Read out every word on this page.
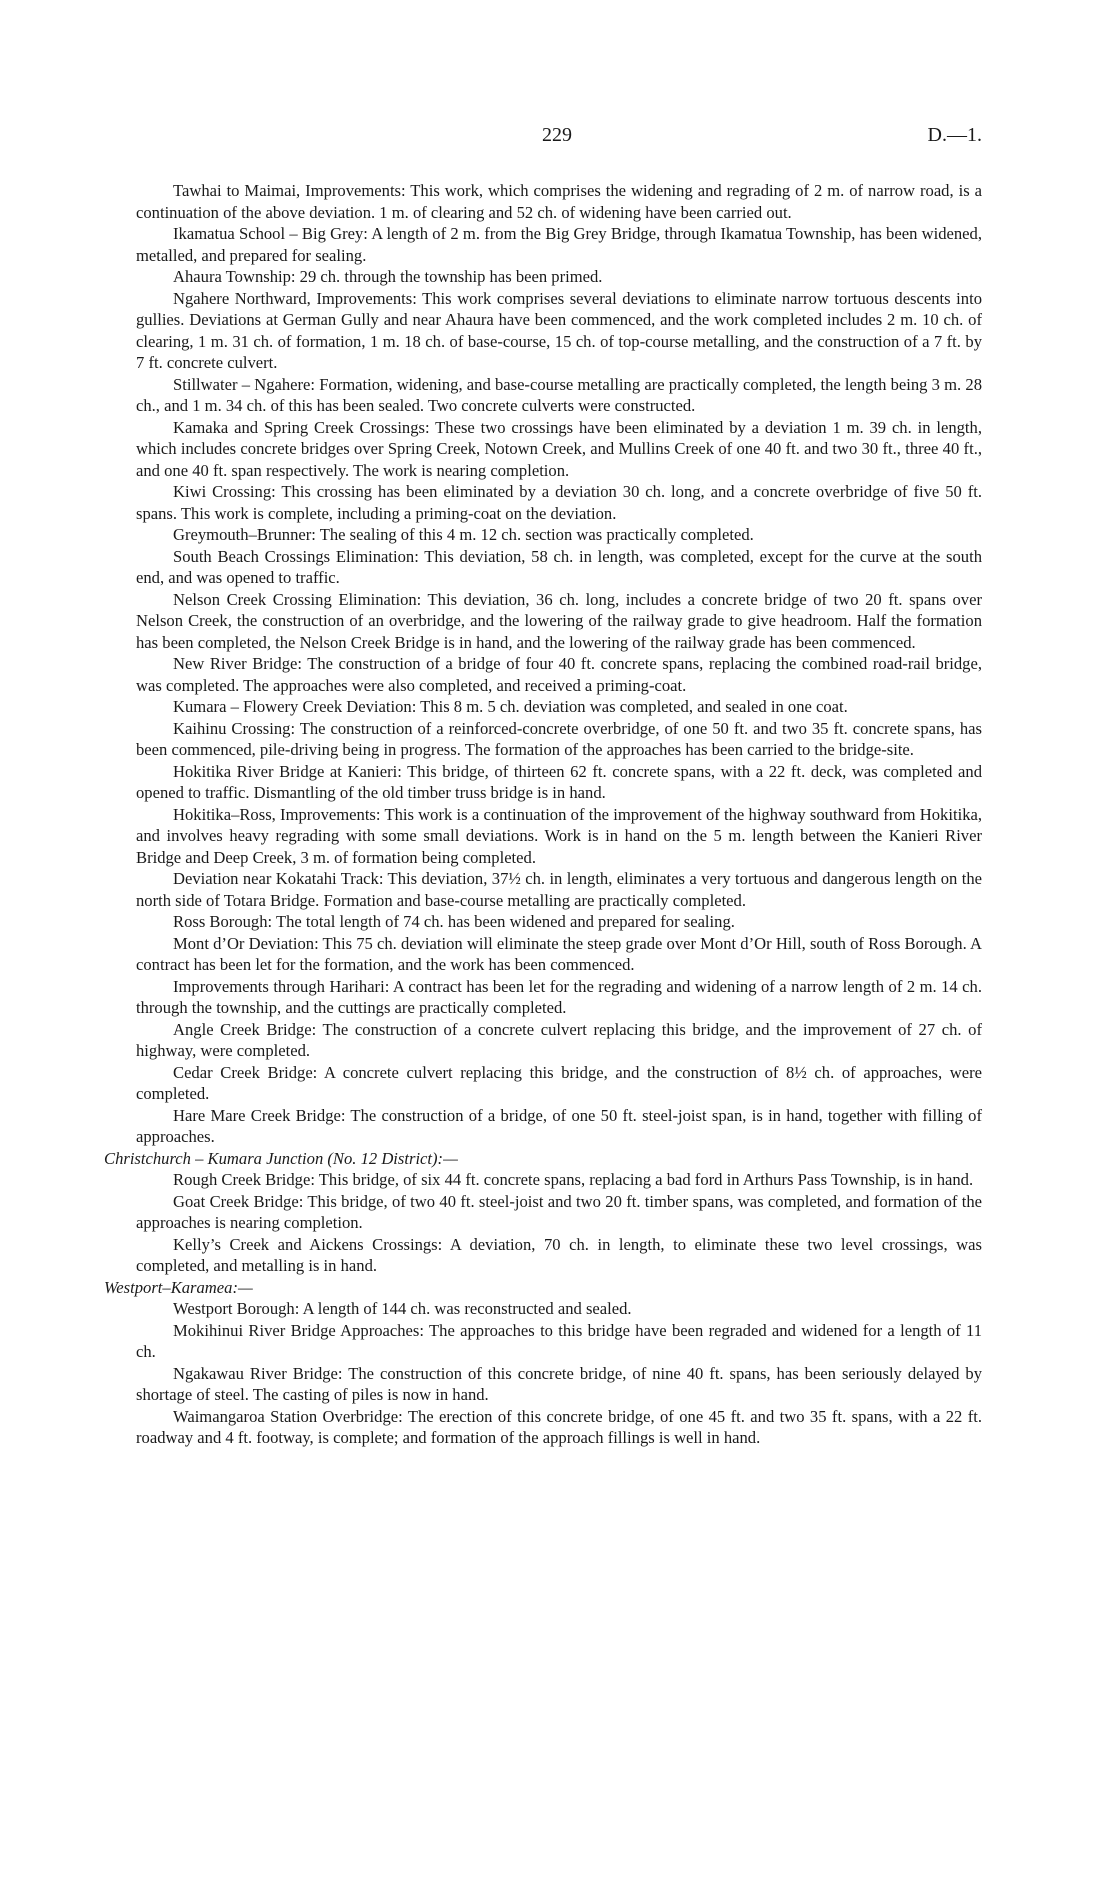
229	D.—1.

Tawhai to Maimai, Improvements: This work, which comprises the widening and regrading of 2 m. of narrow road, is a continuation of the above deviation. 1 m. of clearing and 52 ch. of widening have been carried out.

Ikamatua School – Big Grey: A length of 2 m. from the Big Grey Bridge, through Ikamatua Township, has been widened, metalled, and prepared for sealing.

Ahaura Township: 29 ch. through the township has been primed.

Ngahere Northward, Improvements: This work comprises several deviations to eliminate narrow tortuous descents into gullies. Deviations at German Gully and near Ahaura have been commenced, and the work completed includes 2 m. 10 ch. of clearing, 1 m. 31 ch. of formation, 1 m. 18 ch. of base-course, 15 ch. of top-course metalling, and the construction of a 7 ft. by 7 ft. concrete culvert.

Stillwater – Ngahere: Formation, widening, and base-course metalling are practically completed, the length being 3 m. 28 ch., and 1 m. 34 ch. of this has been sealed. Two concrete culverts were constructed.

Kamaka and Spring Creek Crossings: These two crossings have been eliminated by a deviation 1 m. 39 ch. in length, which includes concrete bridges over Spring Creek, Notown Creek, and Mullins Creek of one 40 ft. and two 30 ft., three 40 ft., and one 40 ft. span respectively. The work is nearing completion.

Kiwi Crossing: This crossing has been eliminated by a deviation 30 ch. long, and a concrete overbridge of five 50 ft. spans. This work is complete, including a priming-coat on the deviation.

Greymouth–Brunner: The sealing of this 4 m. 12 ch. section was practically completed.

South Beach Crossings Elimination: This deviation, 58 ch. in length, was completed, except for the curve at the south end, and was opened to traffic.

Nelson Creek Crossing Elimination: This deviation, 36 ch. long, includes a concrete bridge of two 20 ft. spans over Nelson Creek, the construction of an overbridge, and the lowering of the railway grade to give headroom. Half the formation has been completed, the Nelson Creek Bridge is in hand, and the lowering of the railway grade has been commenced.

New River Bridge: The construction of a bridge of four 40 ft. concrete spans, replacing the combined road-rail bridge, was completed. The approaches were also completed, and received a priming-coat.

Kumara – Flowery Creek Deviation: This 8 m. 5 ch. deviation was completed, and sealed in one coat.

Kaihinu Crossing: The construction of a reinforced-concrete overbridge, of one 50 ft. and two 35 ft. concrete spans, has been commenced, pile-driving being in progress. The formation of the approaches has been carried to the bridge-site.

Hokitika River Bridge at Kanieri: This bridge, of thirteen 62 ft. concrete spans, with a 22 ft. deck, was completed and opened to traffic. Dismantling of the old timber truss bridge is in hand.

Hokitika–Ross, Improvements: This work is a continuation of the improvement of the highway southward from Hokitika, and involves heavy regrading with some small deviations. Work is in hand on the 5 m. length between the Kanieri River Bridge and Deep Creek, 3 m. of formation being completed.

Deviation near Kokatahi Track: This deviation, 37½ ch. in length, eliminates a very tortuous and dangerous length on the north side of Totara Bridge. Formation and base-course metalling are practically completed.

Ross Borough: The total length of 74 ch. has been widened and prepared for sealing.

Mont d’Or Deviation: This 75 ch. deviation will eliminate the steep grade over Mont d’Or Hill, south of Ross Borough. A contract has been let for the formation, and the work has been commenced.

Improvements through Harihari: A contract has been let for the regrading and widening of a narrow length of 2 m. 14 ch. through the township, and the cuttings are practically completed.

Angle Creek Bridge: The construction of a concrete culvert replacing this bridge, and the improvement of 27 ch. of highway, were completed.

Cedar Creek Bridge: A concrete culvert replacing this bridge, and the construction of 8½ ch. of approaches, were completed.

Hare Mare Creek Bridge: The construction of a bridge, of one 50 ft. steel-joist span, is in hand, together with filling of approaches.

Christchurch – Kumara Junction (No. 12 District):—

Rough Creek Bridge: This bridge, of six 44 ft. concrete spans, replacing a bad ford in Arthurs Pass Township, is in hand.

Goat Creek Bridge: This bridge, of two 40 ft. steel-joist and two 20 ft. timber spans, was completed, and formation of the approaches is nearing completion.

Kelly’s Creek and Aickens Crossings: A deviation, 70 ch. in length, to eliminate these two level crossings, was completed, and metalling is in hand.

Westport–Karamea:—

Westport Borough: A length of 144 ch. was reconstructed and sealed.

Mokihinui River Bridge Approaches: The approaches to this bridge have been regraded and widened for a length of 11 ch.

Ngakawau River Bridge: The construction of this concrete bridge, of nine 40 ft. spans, has been seriously delayed by shortage of steel. The casting of piles is now in hand.

Waimangaroa Station Overbridge: The erection of this concrete bridge, of one 45 ft. and two 35 ft. spans, with a 22 ft. roadway and 4 ft. footway, is complete; and formation of the approach fillings is well in hand.
